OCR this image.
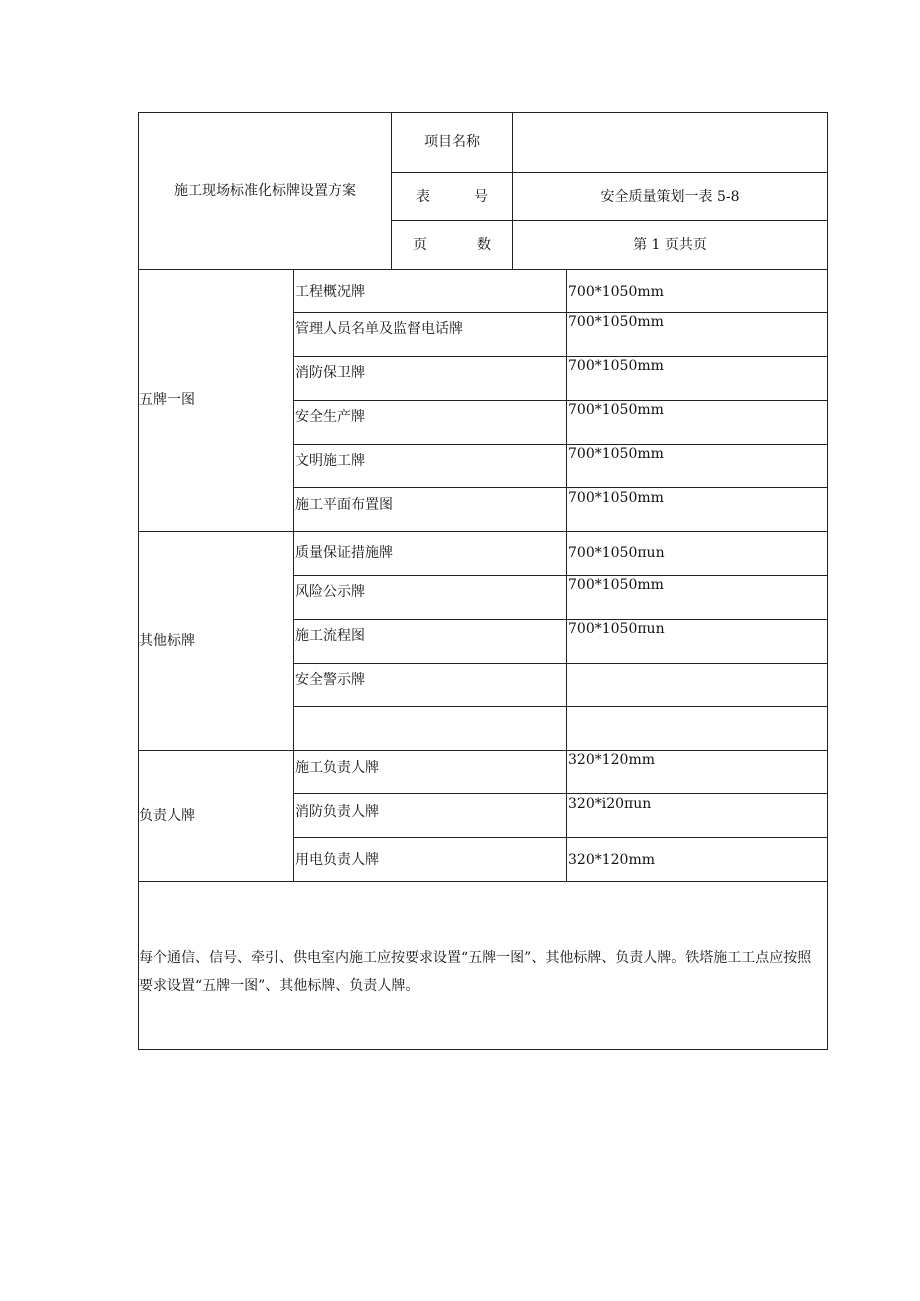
施工现场标准化标牌设置方案
项目名称
表	号	安全质量策划一表 5-8
页	数	第 1 页共页
五牌一图
工程概况牌	700*1050mm
管理人员名单及监督电话牌	700*1050mm
消防保卫牌	700*1050mm
安全生产牌	700*1050mm
文明施工牌	700*1050mm
施工平面布置图	700*1050mm
其他标牌
质量保证措施牌	700*1050πun
风险公示牌	700*1050mm
施工流程图	700*1050πun
安全警示牌
负责人牌
施工负责人牌	320*120mm
消防负责人牌	320*i20πun
用电负责人牌	320*120mm
每个通信、信号、牵引、供电室内施工应按要求设置“五牌一图”、其他标牌、负责人牌。铁塔施工工点应按照要求设置“五牌一图”、其他标牌、负责人牌。
